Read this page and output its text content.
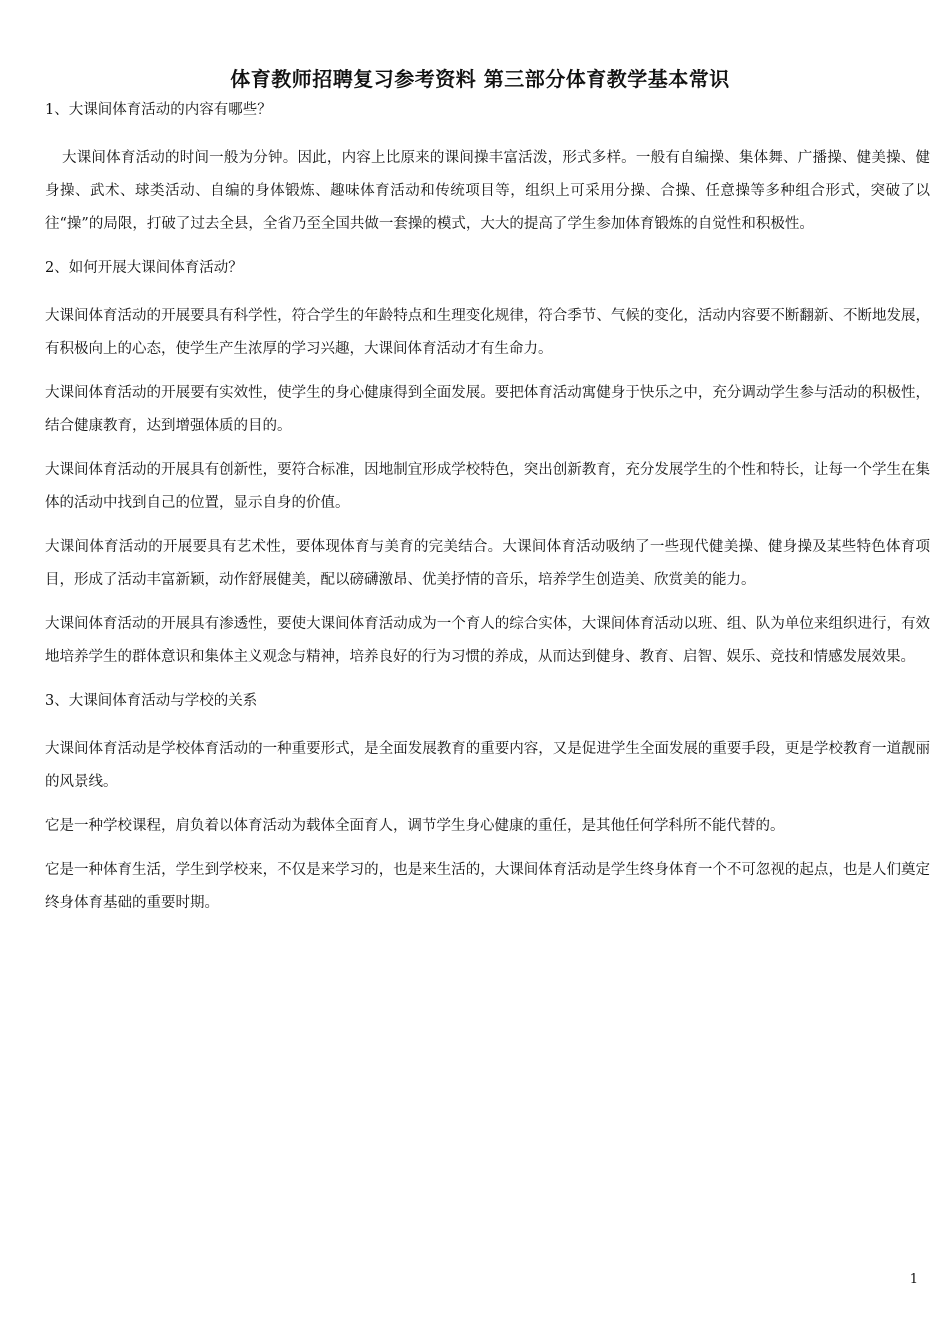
体育教师招聘复习参考资料 第三部分体育教学基本常识

1、大课间体育活动的内容有哪些？

大课间体育活动的时间一般为分钟。因此，内容上比原来的课间操丰富活泼，形式多样。一般有自编操、集体舞、广播操、健美操、健身操、武术、球类活动、自编的身体锻炼、趣味体育活动和传统项目等，组织上可采用分操、合操、任意操等多种组合形式，突破了以往“操”的局限，打破了过去全县，全省乃至全国共做一套操的模式，大大的提高了学生参加体育锻炼的自觉性和积极性。

2、如何开展大课间体育活动？

大课间体育活动的开展要具有科学性，符合学生的年龄特点和生理变化规律，符合季节、气候的变化，活动内容要不断翻新、不断地发展，有积极向上的心态，使学生产生浓厚的学习兴趣，大课间体育活动才有生命力。

大课间体育活动的开展要有实效性，使学生的身心健康得到全面发展。要把体育活动寓健身于快乐之中，充分调动学生参与活动的积极性，结合健康教育，达到增强体质的目的。

大课间体育活动的开展具有创新性，要符合标准，因地制宜形成学校特色，突出创新教育，充分发展学生的个性和特长，让每一个学生在集体的活动中找到自己的位置，显示自身的价值。

大课间体育活动的开展要具有艺术性，要体现体育与美育的完美结合。大课间体育活动吸纳了一些现代健美操、健身操及某些特色体育项目，形成了活动丰富新颖，动作舒展健美，配以磅礴激昂、优美抒情的音乐，培养学生创造美、欣赏美的能力。

大课间体育活动的开展具有渗透性，要使大课间体育活动成为一个育人的综合实体，大课间体育活动以班、组、队为单位来组织进行，有效地培养学生的群体意识和集体主义观念与精神，培养良好的行为习惯的养成，从而达到健身、教育、启智、娱乐、竞技和情感发展效果。

3、大课间体育活动与学校的关系

大课间体育活动是学校体育活动的一种重要形式，是全面发展教育的重要内容，又是促进学生全面发展的重要手段，更是学校教育一道靓丽的风景线。

它是一种学校课程，肩负着以体育活动为载体全面育人，调节学生身心健康的重任，是其他任何学科所不能代替的。

它是一种体育生活，学生到学校来，不仅是来学习的，也是来生活的，大课间体育活动是学生终身体育一个不可忽视的起点，也是人们奠定终身体育基础的重要时期。

1
